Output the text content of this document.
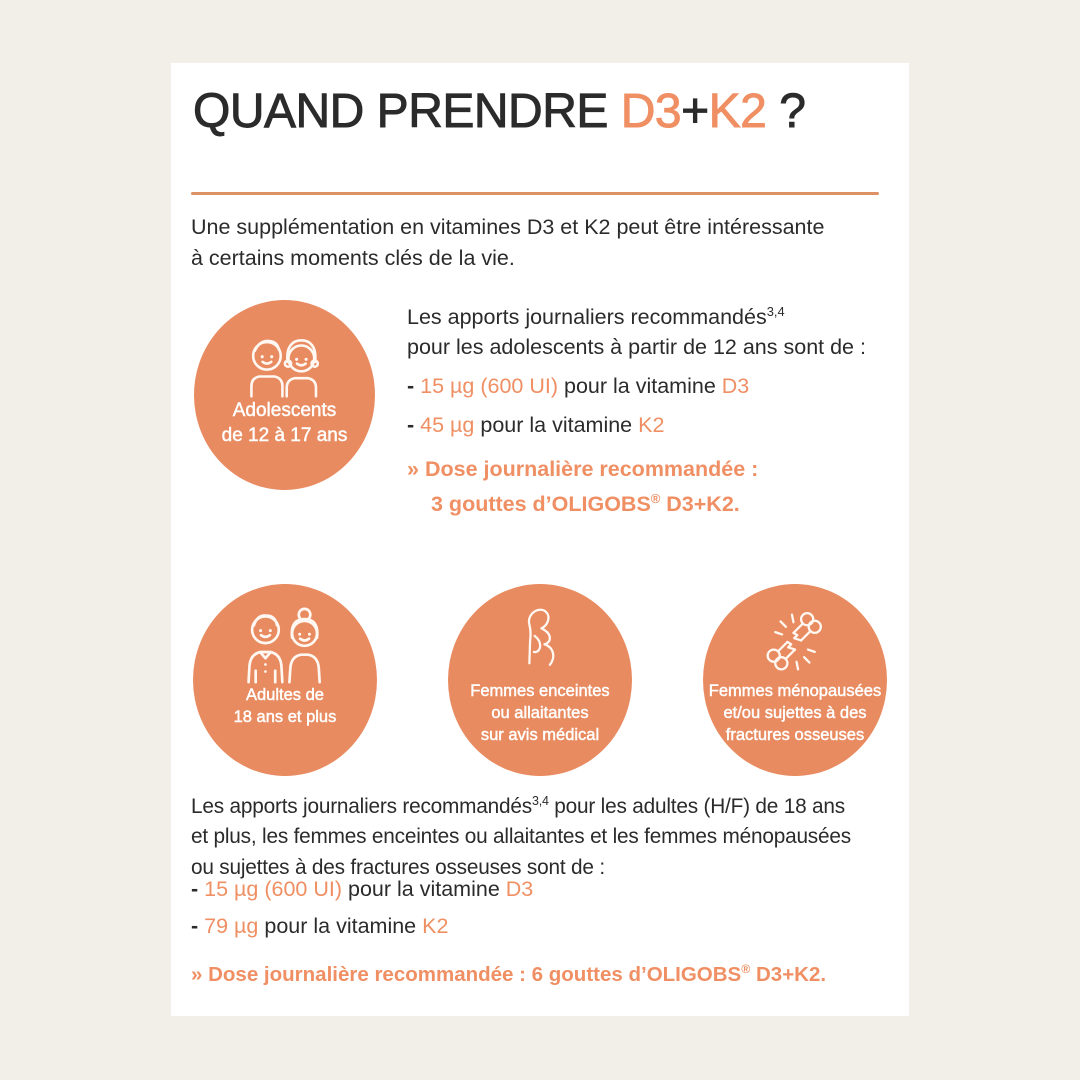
QUAND PRENDRE D3+K2 ?

Une supplémentation en vitamines D3 et K2 peut être intéressante
à certains moments clés de la vie.

Adolescents
de 12 à 17 ans

Les apports journaliers recommandés$^{3,4}$
pour les adolescents à partir de 12 ans sont de :

- 15 µg (600 UI) pour la vitamine D3

- 45 µg pour la vitamine K2

» Dose journalière recommandée :
3 gouttes d’OLIGOBS® D3+K2.

Adultes de
18 ans et plus
Femmes enceintes
ou allaitantes
sur avis médical
Femmes ménopausées
et/ou sujettes à des
fractures osseuses

Les apports journaliers recommandés$^{3,4}$ pour les adultes (H/F) de 18 ans
et plus, les femmes enceintes ou allaitantes et les femmes ménopausées
ou sujettes à des fractures osseuses sont de :

- 15 µg (600 UI) pour la vitamine D3

- 79 µg pour la vitamine K2

» Dose journalière recommandée : 6 gouttes d’OLIGOBS® D3+K2.
